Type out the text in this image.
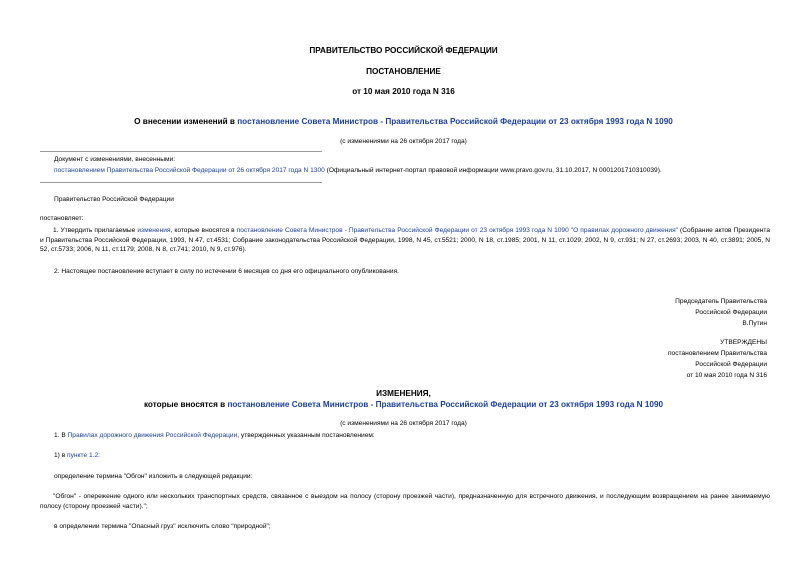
ПРАВИТЕЛЬСТВО РОССИЙСКОЙ ФЕДЕРАЦИИ
ПОСТАНОВЛЕНИЕ
от 10 мая 2010 года N 316
О внесении изменений в постановление Совета Министров - Правительства Российской Федерации от 23 октября 1993 года N 1090
(с изменениями на 26 октября 2017 года)
Документ с изменениями, внесенными:
постановлением Правительства Российской Федерации от 26 октября 2017 года N 1300 (Официальный интернет-портал правовой информации www.pravo.gov.ru, 31.10.2017, N 0001201710310039).
Правительство Российской Федерации
постановляет:
1. Утвердить прилагаемые изменения, которые вносятся в постановление Совета Министров - Правительства Российской Федерации от 23 октября 1993 года N 1090 "О правилах дорожного движения" (Собрание актов Президента и Правительства Российской Федерации, 1993, N 47, ст.4531; Собрание законодательства Российской Федерации, 1998, N 45, ст.5521; 2000, N 18, ст.1985; 2001, N 11, ст.1029; 2002, N 9, ст.931; N 27, ст.2693; 2003, N 40, ст.3891; 2005, N 52, ст.5733; 2006, N 11, ст.1179; 2008, N 8, ст.741; 2010, N 9, ст.976).
2. Настоящее постановление вступает в силу по истечении 6 месяцев со дня его официального опубликования.
Председатель Правительства
Российской Федерации
В.Путин
УТВЕРЖДЕНЫ
постановлением Правительства
Российской Федерации
от 10 мая 2010 года N 316
ИЗМЕНЕНИЯ,
которые вносятся в постановление Совета Министров - Правительства Российской Федерации от 23 октября 1993 года N 1090
(с изменениями на 26 октября 2017 года)
1. В Правилах дорожного движения Российской Федерации, утвержденных указанным постановлением:
1) в пункте 1.2:
определение термина "Обгон" изложить в следующей редакции:
"Обгон" - опережение одного или нескольких транспортных средств, связанное с выездом на полосу (сторону проезжей части), предназначенную для встречного движения, и последующим возвращением на ранее занимаемую полосу (сторону проезжей части).";
в определении термина "Опасный груз" исключить слово "природной";
